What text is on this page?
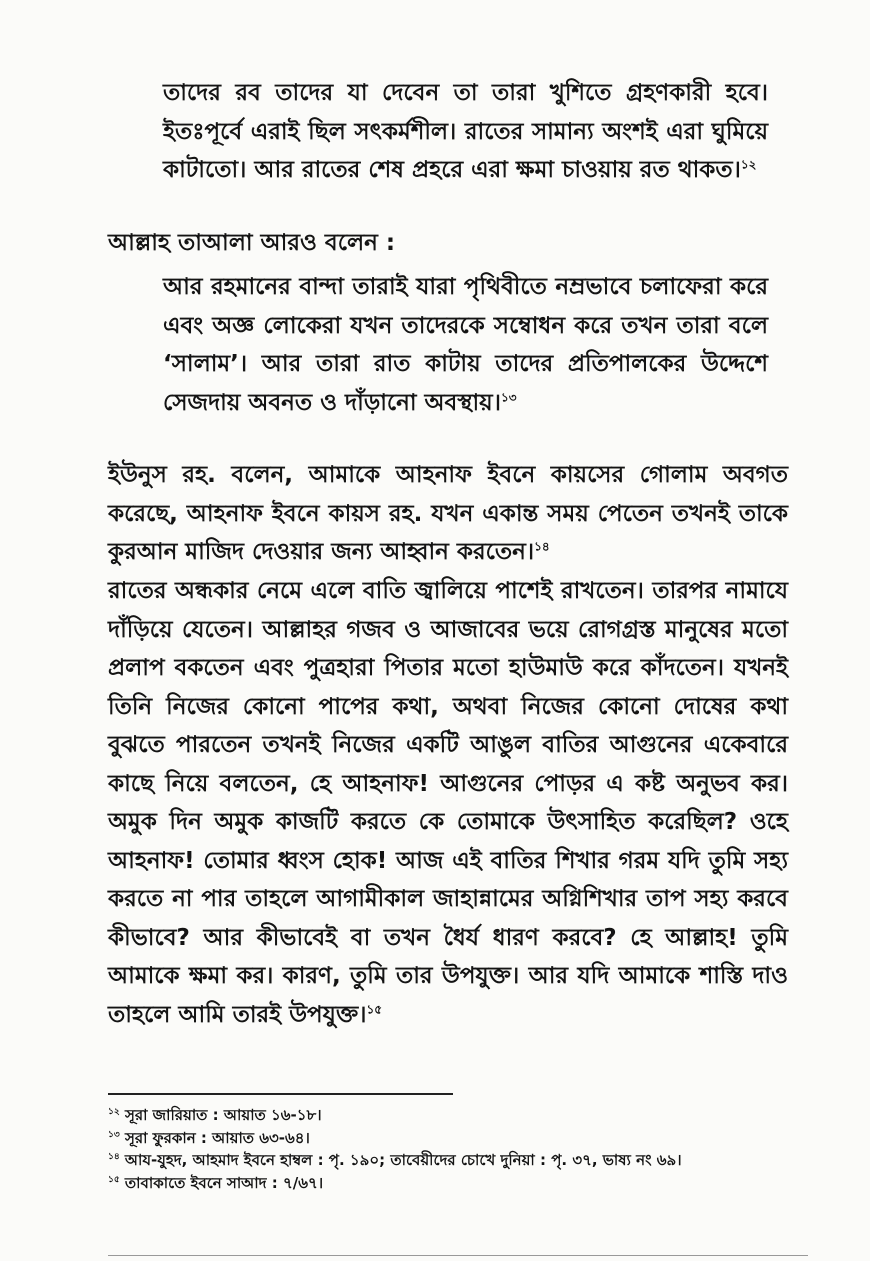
তাদের রব তাদের যা দেবেন তা তারা খুশিতে গ্রহণকারী হবে। ইতঃপূর্বে এরাই ছিল সৎকর্মশীল। রাতের সামান্য অংশই এরা ঘুমিয়ে কাটাতো। আর রাতের শেষ প্রহরে এরা ক্ষমা চাওয়ায় রত থাকত।$^{১২}$

আল্লাহ তাআলা আরও বলেন :

আর রহমানের বান্দা তারাই যারা পৃথিবীতে নম্রভাবে চলাফেরা করে এবং অজ্ঞ লোকেরা যখন তাদেরকে সম্বোধন করে তখন তারা বলে ‘সালাম’। আর তারা রাত কাটায় তাদের প্রতিপালকের উদ্দেশে সেজদায় অবনত ও দাঁড়ানো অবস্থায়।$^{১৩}$

ইউনুস রহ. বলেন, আমাকে আহনাফ ইবনে কায়সের গোলাম অবগত করেছে, আহনাফ ইবনে কায়স রহ. যখন একান্ত সময় পেতেন তখনই তাকে কুরআন মাজিদ দেওয়ার জন্য আহ্বান করতেন।$^{১৪}$

রাতের অন্ধকার নেমে এলে বাতি জ্বালিয়ে পাশেই রাখতেন। তারপর নামাযে দাঁড়িয়ে যেতেন। আল্লাহর গজব ও আজাবের ভয়ে রোগগ্রস্ত মানুষের মতো প্রলাপ বকতেন এবং পুত্রহারা পিতার মতো হাউমাউ করে কাঁদতেন। যখনই তিনি নিজের কোনো পাপের কথা, অথবা নিজের কোনো দোষের কথা বুঝতে পারতেন তখনই নিজের একটি আঙুল বাতির আগুনের একেবারে কাছে নিয়ে বলতেন, হে আহনাফ! আগুনের পোড়র এ কষ্ট অনুভব কর। অমুক দিন অমুক কাজটি করতে কে তোমাকে উৎসাহিত করেছিল? ওহে আহনাফ! তোমার ধ্বংস হোক! আজ এই বাতির শিখার গরম যদি তুমি সহ্য করতে না পার তাহলে আগামীকাল জাহান্নামের অগ্নিশিখার তাপ সহ্য করবে কীভাবে? আর কীভাবেই বা তখন ধৈর্য ধারণ করবে? হে আল্লাহ! তুমি আমাকে ক্ষমা কর। কারণ, তুমি তার উপযুক্ত। আর যদি আমাকে শাস্তি দাও তাহলে আমি তারই উপযুক্ত।$^{১৫}$

$^{১২}$ সূরা জারিয়াত : আয়াত ১৬-১৮।

$^{১৩}$ সূরা ফুরকান : আয়াত ৬৩-৬৪।

$^{১৪}$ আয-যুহদ, আহমাদ ইবনে হাম্বল : পৃ. ১৯০; তাবেয়ীদের চোখে দুনিয়া : পৃ. ৩৭, ভাষ্য নং ৬৯।

$^{১৫}$ তাবাকাতে ইবনে সাআদ : ৭/৬৭।
